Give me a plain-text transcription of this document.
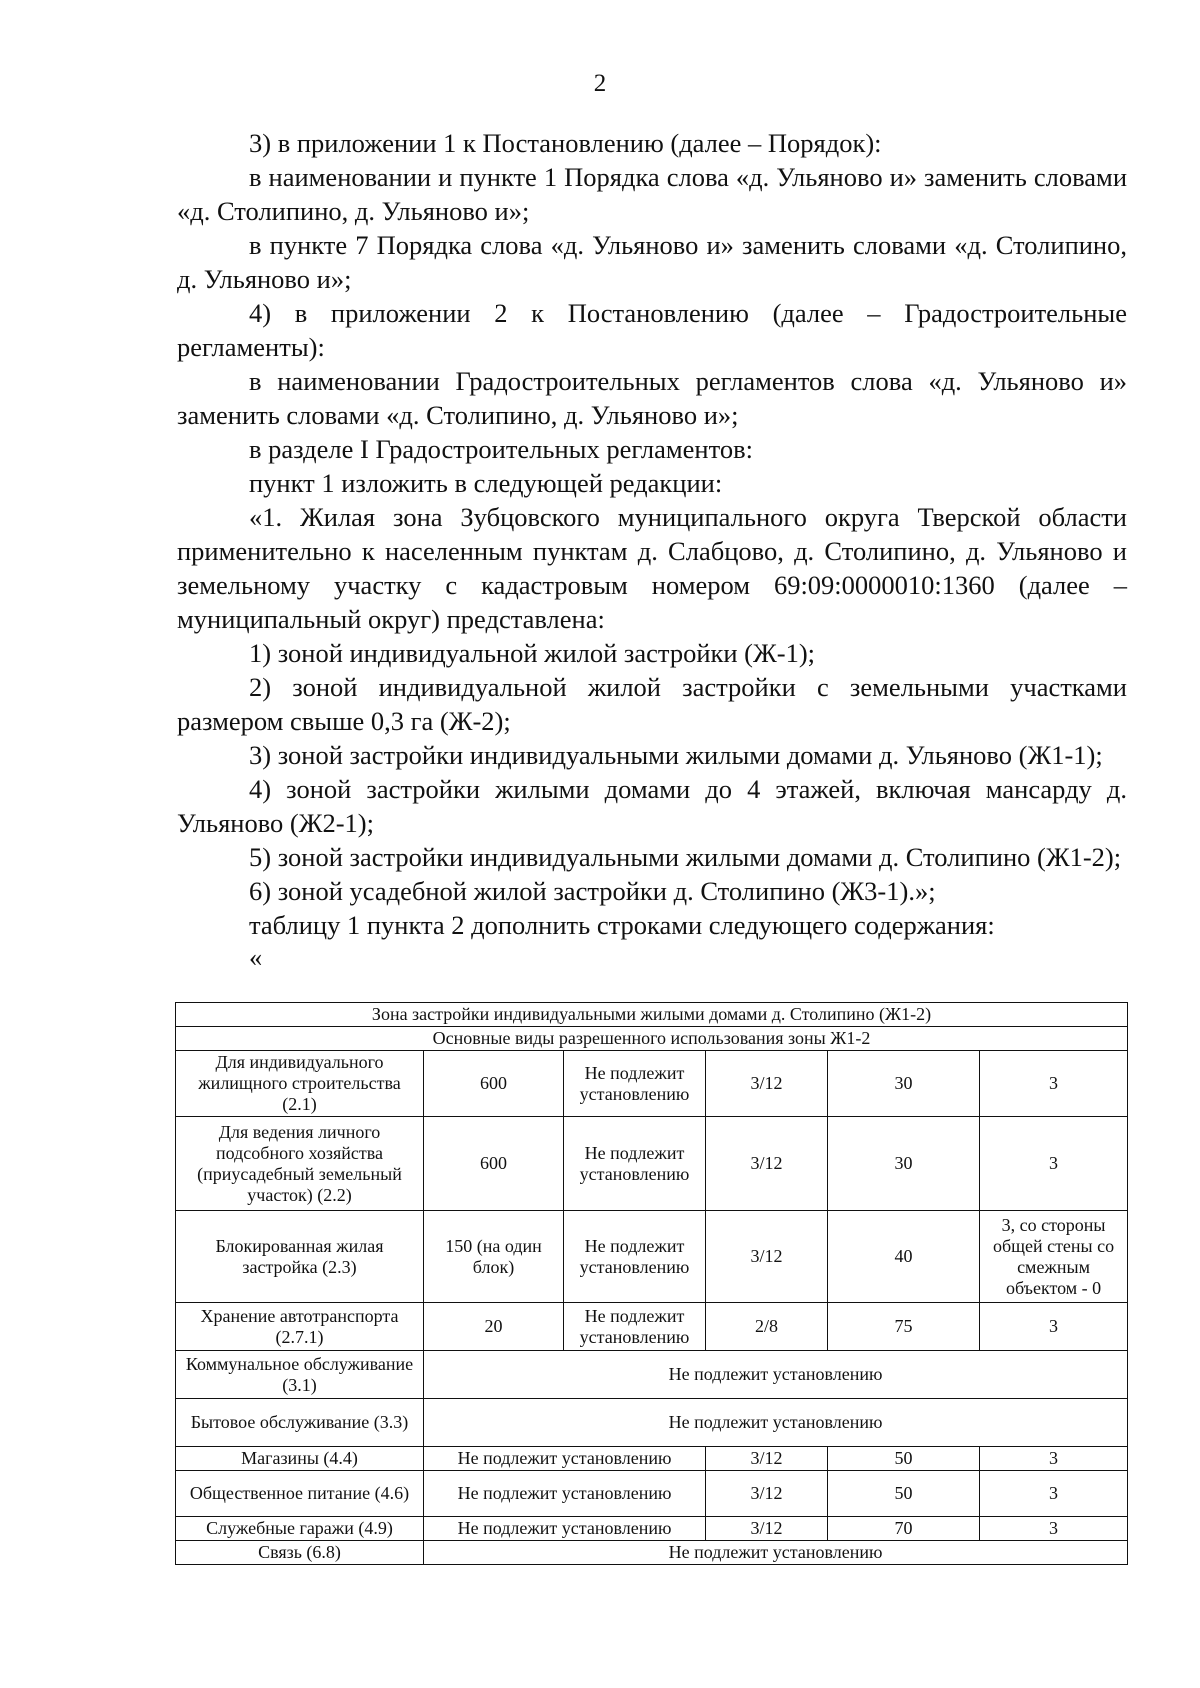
2

3) в приложении 1 к Постановлению (далее – Порядок):

в наименовании и пункте 1 Порядка слова «д. Ульяново и» заменить словами «д. Столипино, д. Ульяново и»;

в пункте 7 Порядка слова «д. Ульяново и» заменить словами «д. Столипино, д. Ульяново и»;

4) в приложении 2 к Постановлению (далее – Градостроительные регламенты):

в наименовании Градостроительных регламентов слова «д. Ульяново и» заменить словами «д. Столипино, д. Ульяново и»;

в разделе I Градостроительных регламентов:

пункт 1 изложить в следующей редакции:

«1. Жилая зона Зубцовского муниципального округа Тверской области применительно к населенным пунктам д. Слабцово, д. Столипино, д. Ульяново и земельному участку с кадастровым номером 69:09:0000010:1360 (далее – муниципальный округ) представлена:

1) зоной индивидуальной жилой застройки (Ж-1);

2) зоной индивидуальной жилой застройки с земельными участками размером свыше 0,3 га (Ж-2);

3) зоной застройки индивидуальными жилыми домами д. Ульяново (Ж1-1);

4) зоной застройки жилыми домами до 4 этажей, включая мансарду д. Ульяново (Ж2-1);

5) зоной застройки индивидуальными жилыми домами д. Столипино (Ж1-2);

6) зоной усадебной жилой застройки д. Столипино (Ж3-1).»;

таблицу 1 пункта 2 дополнить строками следующего содержания:

«

Зона застройки индивидуальными жилыми домами д. Столипино (Ж1-2)					
Основные виды разрешенного использования зоны Ж1-2					
Для индивидуального жилищного строительства (2.1)	600	Не подлежит установлению	3/12	30	3
Для ведения личного подсобного хозяйства (приусадебный земельный участок) (2.2)	600	Не подлежит установлению	3/12	30	3
Блокированная жилая застройка (2.3)	150 (на один блок)	Не подлежит установлению	3/12	40	3, со стороны общей стены со смежным объектом - 0
Хранение автотранспорта (2.7.1)	20	Не подлежит установлению	2/8	75	3
Коммунальное обслуживание (3.1)	Не подлежит установлению				
Бытовое обслуживание (3.3)	Не подлежит установлению				
Магазины (4.4)	Не подлежит установлению		3/12	50	3
Общественное питание (4.6)	Не подлежит установлению		3/12	50	3
Служебные гаражи (4.9)	Не подлежит установлению		3/12	70	3
Связь (6.8)	Не подлежит установлению				
